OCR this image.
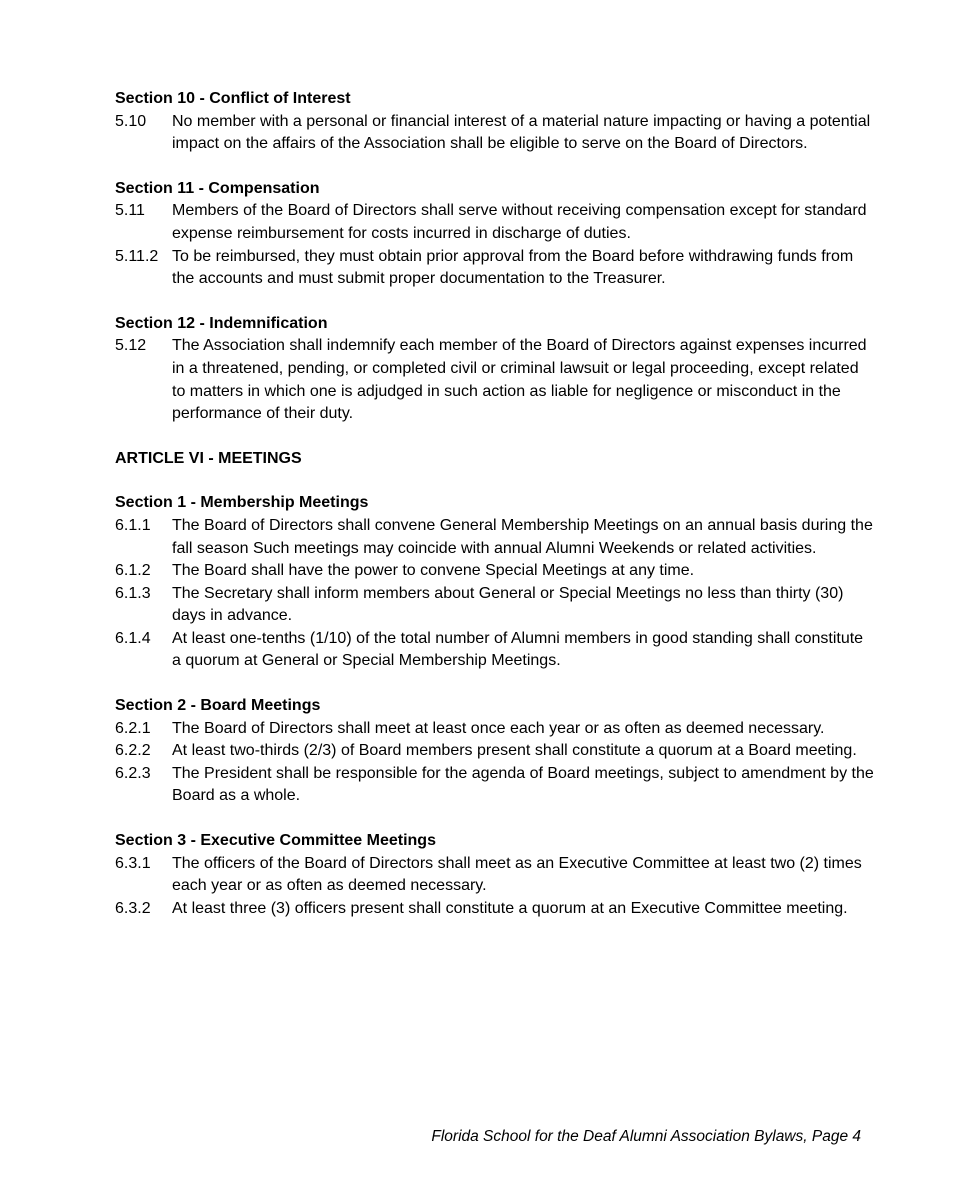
Section 10 - Conflict of Interest
5.10	No member with a personal or financial interest of a material nature impacting or having a potential impact on the affairs of the Association shall be eligible to serve on the Board of Directors.
Section 11 - Compensation
5.11	Members of the Board of Directors shall serve without receiving compensation except for standard expense reimbursement for costs incurred in discharge of duties.
5.11.2 To be reimbursed, they must obtain prior approval from the Board before withdrawing funds from the accounts and must submit proper documentation to the Treasurer.
Section 12 - Indemnification
5.12	The Association shall indemnify each member of the Board of Directors against expenses incurred in a threatened, pending, or completed civil or criminal lawsuit or legal proceeding, except related to matters in which one is adjudged in such action as liable for negligence or misconduct in the performance of their duty.
ARTICLE VI - MEETINGS
Section 1 - Membership Meetings
6.1.1	The Board of Directors shall convene General Membership Meetings on an annual basis during the fall season Such meetings may coincide with annual Alumni Weekends or related activities.
6.1.2	The Board shall have the power to convene Special Meetings at any time.
6.1.3	The Secretary shall inform members about General or Special Meetings no less than thirty (30) days in advance.
6.1.4	At least one-tenths (1/10) of the total number of Alumni members in good standing shall constitute a quorum at General or Special Membership Meetings.
Section 2 - Board Meetings
6.2.1	The Board of Directors shall meet at least once each year or as often as deemed necessary.
6.2.2	At least two-thirds (2/3) of Board members present shall constitute a quorum at a Board meeting.
6.2.3	The President shall be responsible for the agenda of Board meetings, subject to amendment by the Board as a whole.
Section 3 - Executive Committee Meetings
6.3.1	The officers of the Board of Directors shall meet as an Executive Committee at least two (2) times each year or as often as deemed necessary.
6.3.2	At least three (3) officers present shall constitute a quorum at an Executive Committee meeting.
Florida School for the Deaf Alumni Association Bylaws, Page 4
